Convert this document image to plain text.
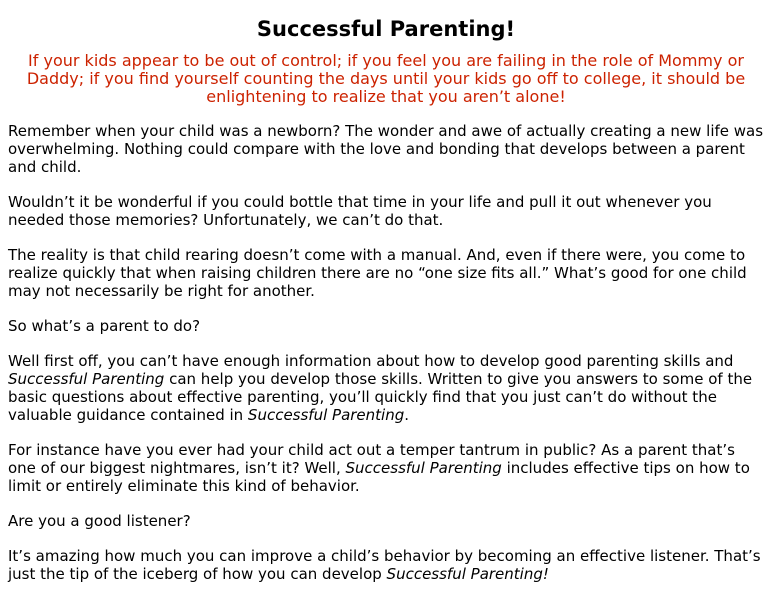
Successful Parenting!

If your kids appear to be out of control; if you feel you are failing in the role of Mommy or Daddy; if you find yourself counting the days until your kids go off to college, it should be enlightening to realize that you aren’t alone!

Remember when your child was a newborn? The wonder and awe of actually creating a new life was overwhelming. Nothing could compare with the love and bonding that develops between a parent and child.

Wouldn’t it be wonderful if you could bottle that time in your life and pull it out whenever you needed those memories? Unfortunately, we can’t do that.

The reality is that child rearing doesn’t come with a manual. And, even if there were, you come to realize quickly that when raising children there are no “one size fits all.” What’s good for one child may not necessarily be right for another.

So what’s a parent to do?

Well first off, you can’t have enough information about how to develop good parenting skills and Successful Parenting can help you develop those skills. Written to give you answers to some of the basic questions about effective parenting, you’ll quickly find that you just can’t do without the valuable guidance contained in Successful Parenting.

For instance have you ever had your child act out a temper tantrum in public? As a parent that’s one of our biggest nightmares, isn’t it? Well, Successful Parenting includes effective tips on how to limit or entirely eliminate this kind of behavior.

Are you a good listener?

It’s amazing how much you can improve a child’s behavior by becoming an effective listener. That’s just the tip of the iceberg of how you can develop Successful Parenting!
